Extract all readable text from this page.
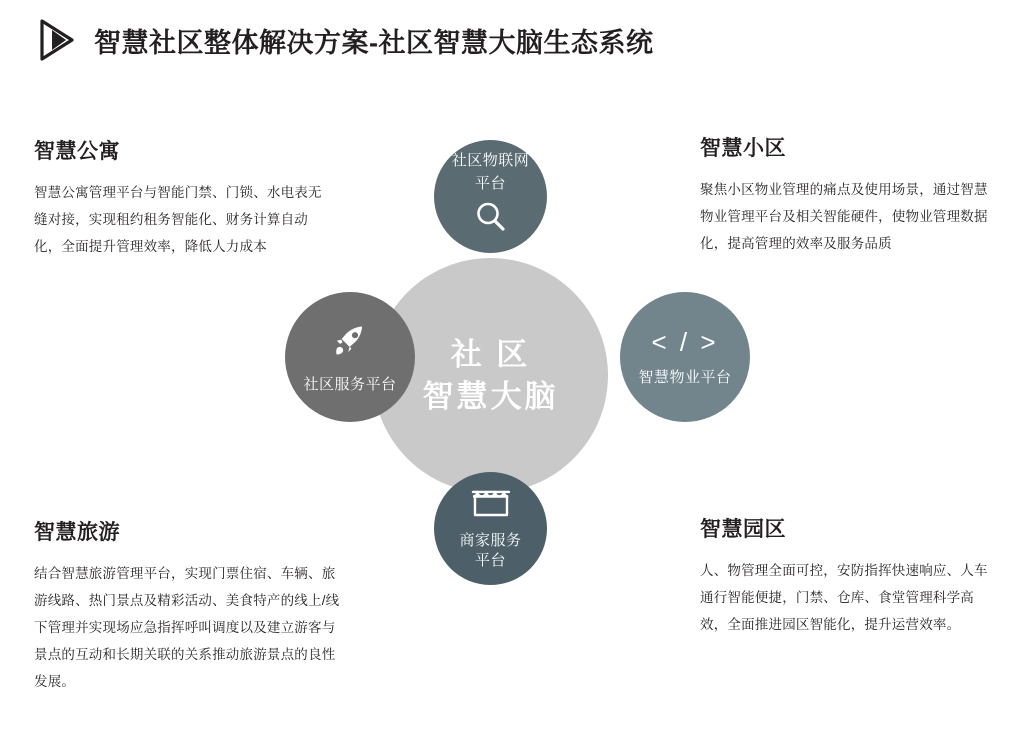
智慧社区整体解决方案-社区智慧大脑生态系统
社 区
智慧大脑
社区物联网
平台
社区服务平台
< / >
智慧物业平台
商家服务
平台
智慧公寓

智慧公寓管理平台与智能门禁、门锁、水电表无缝对接，实现租约租务智能化、财务计算自动化，全面提升管理效率，降低人力成本

智慧小区

聚焦小区物业管理的痛点及使用场景，通过智慧物业管理平台及相关智能硬件，使物业管理数据化，提高管理的效率及服务品质

智慧旅游

结合智慧旅游管理平台，实现门票住宿、车辆、旅游线路、热门景点及精彩活动、美食特产的线上/线下管理并实现场应急指挥呼叫调度以及建立游客与景点的互动和长期关联的关系推动旅游景点的良性发展。

智慧园区

人、物管理全面可控，安防指挥快速响应、人车通行智能便捷，门禁、仓库、食堂管理科学高效，全面推进园区智能化，提升运营效率。
